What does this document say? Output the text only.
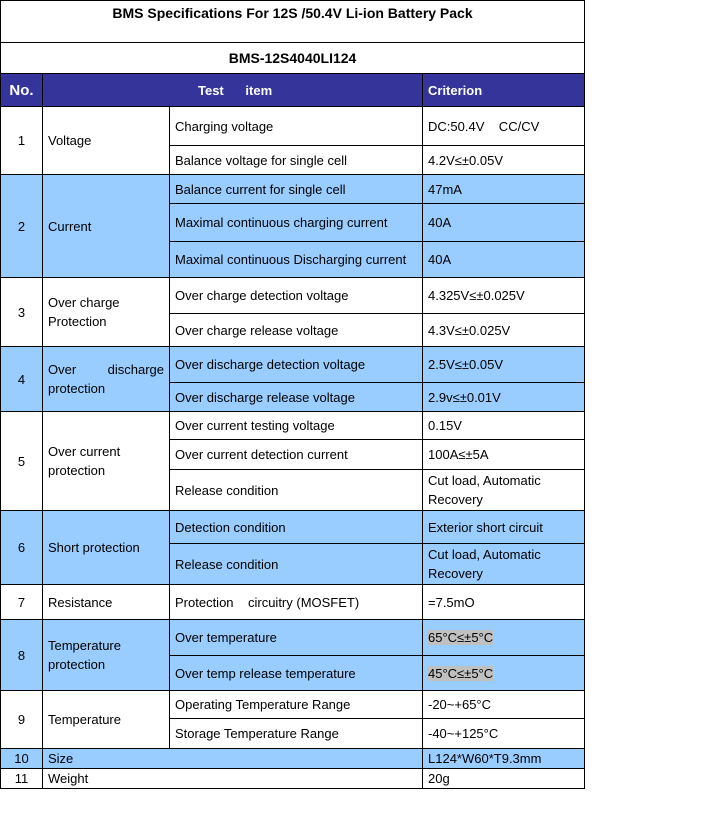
BMS Specifications For 12S /50.4V Li-ion Battery Pack			
BMS-12S4040LI124			
No.	Test      item		Criterion
1	Voltage	Charging voltage	DC:50.4V    CC/CV
		Balance voltage for single cell	4.2V≤±0.05V
2	Current	Balance current for single cell	47mA
		Maximal continuous charging current	40A
		Maximal continuous Discharging current	40A
3	Over charge Protection	Over charge detection voltage	4.325V≤±0.025V
		Over charge release voltage	4.3V≤±0.025V
4	Over discharge protection	Over discharge detection voltage	2.5V≤±0.05V
		Over discharge release voltage	2.9v≤±0.01V
5	Over current protection	Over current testing voltage	0.15V
		Over current detection current	100A≤±5A
		Release condition	Cut load, Automatic Recovery
6	Short protection	Detection condition	Exterior short circuit
		Release condition	Cut load, Automatic Recovery
7	Resistance	Protection    circuitry (MOSFET)	=7.5mO
8	Temperature protection	Over temperature	65°C≤±5°C
		Over temp release temperature	45°C≤±5°C
9	Temperature	Operating Temperature Range	-20~+65°C
		Storage Temperature Range	-40~+125°C
10	Size		L124*W60*T9.3mm
11	Weight		20g
